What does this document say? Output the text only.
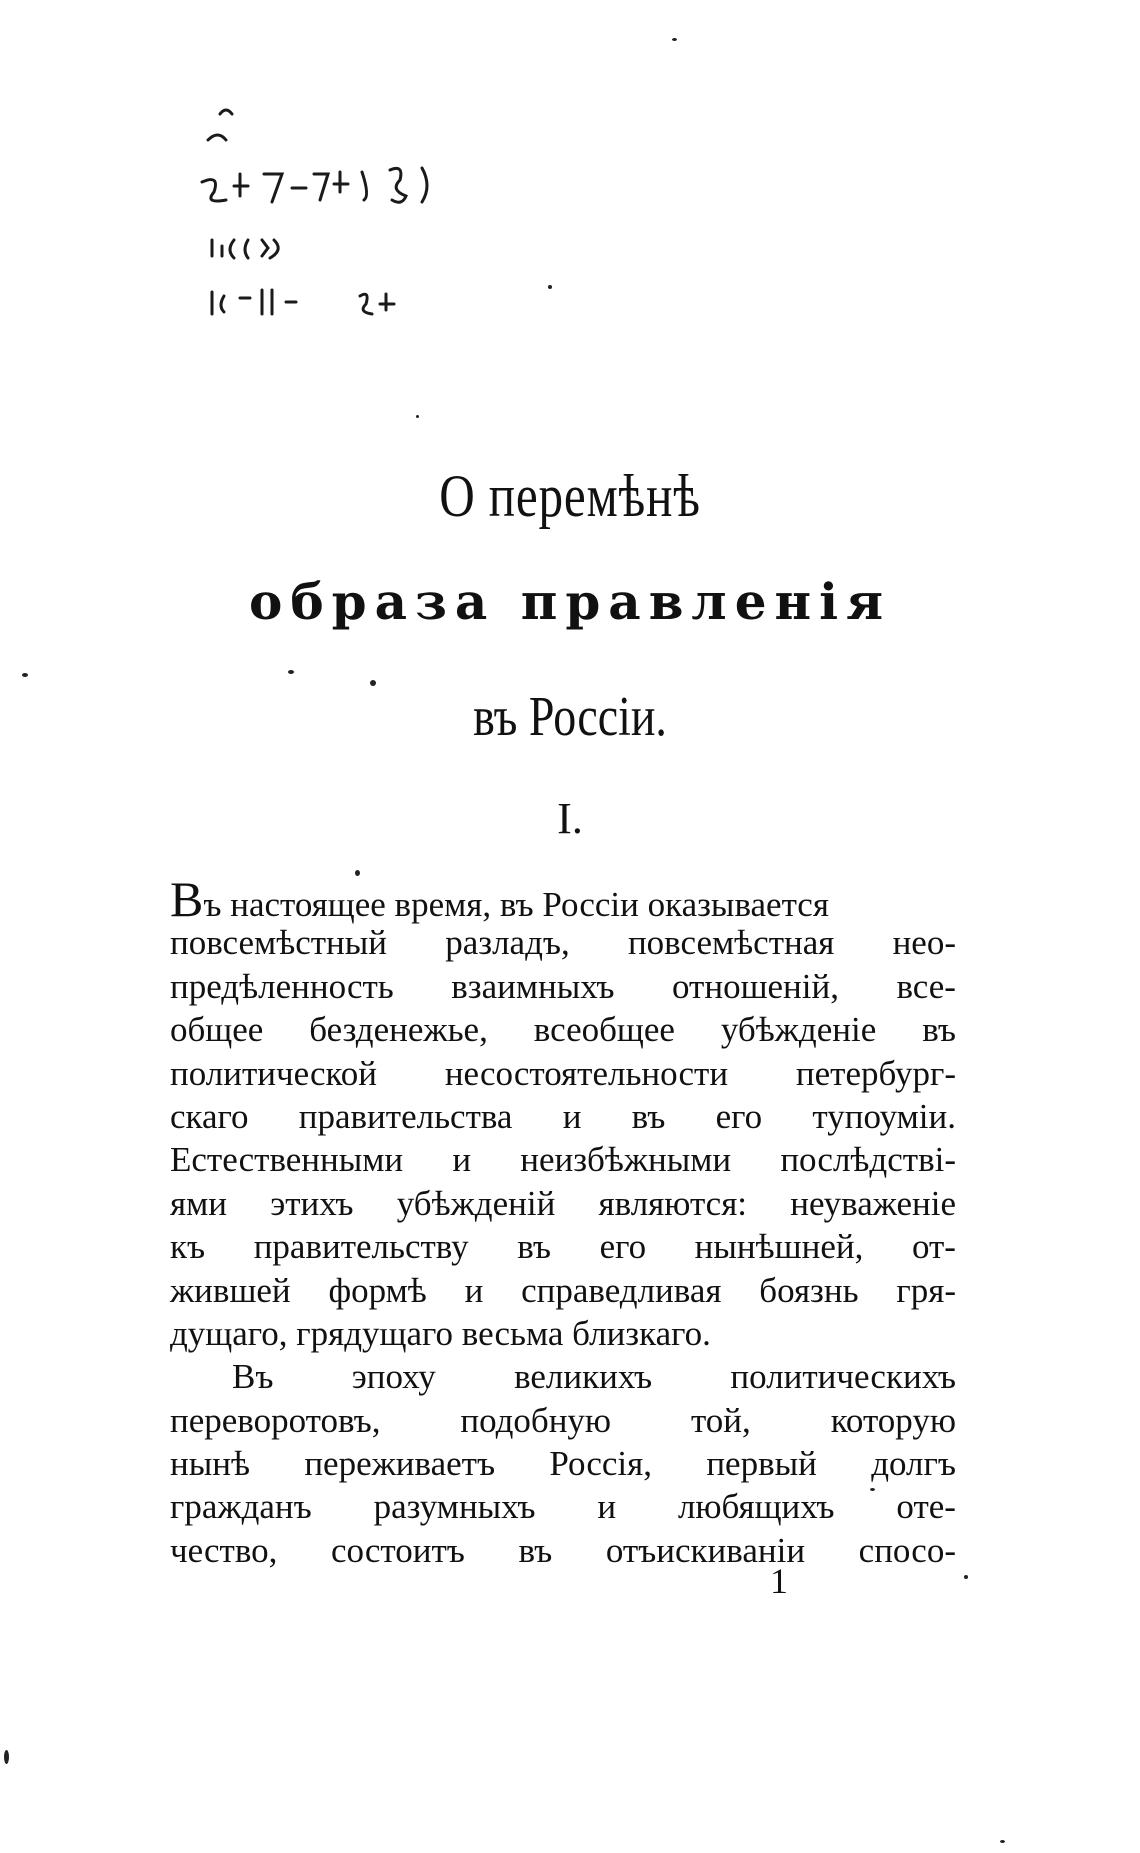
О перемѣнѣ
образа правленія
въ Россіи.
I.
Въ настоящее время, въ Россіи оказывается
повсемѣстный разладъ, повсемѣстная нео-
предѣленность взаимныхъ отношеній, все-
общее безденежье, всеобщее убѣжденіе въ
политической несостоятельности петербург-
скаго правительства и въ его тупоуміи.
Естественными и неизбѣжными послѣдствi-
ями этихъ убѣжденій являются: неуваженіе
къ правительству въ его нынѣшней, от-
жившей формѣ и справедливая боязнь гря-
дущаго, грядущаго весьма близкаго.
Въ эпоху великихъ политическихъ
переворотовъ, подобную той, которую
нынѣ переживаетъ Россія, первый долгъ
гражданъ разумныхъ и любящихъ оте-
чество, состоитъ въ отъискиваніи спосо-
1
